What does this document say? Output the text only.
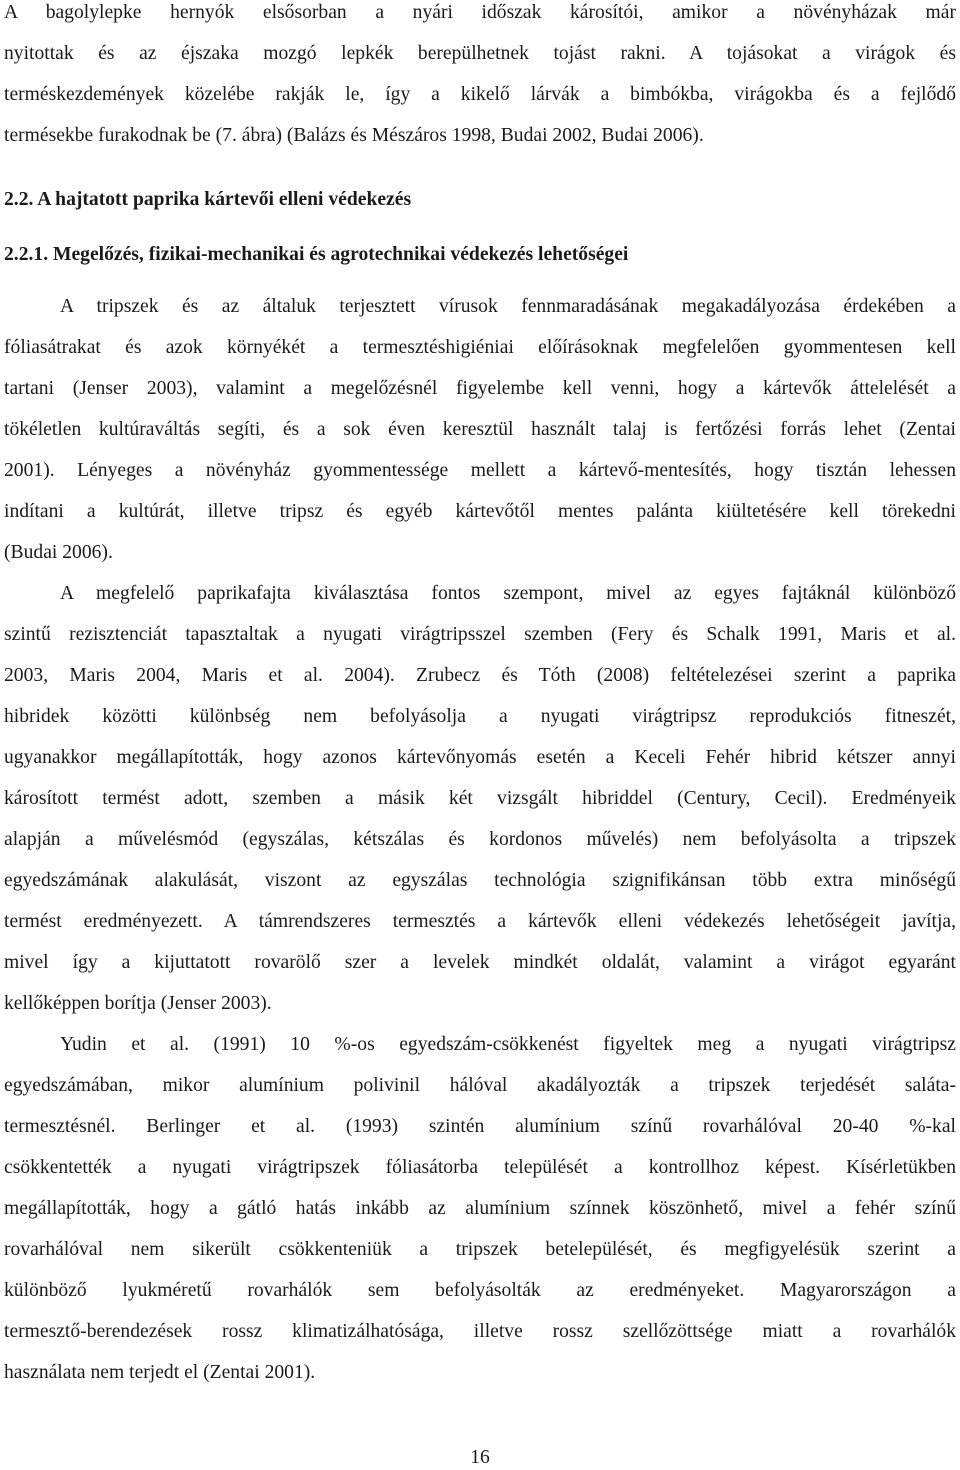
A bagolylepke hernyók elsősorban a nyári időszak károsítói, amikor a növényházak már
nyitottak és az éjszaka mozgó lepkék berepülhetnek tojást rakni. A tojásokat a virágok és
terméskezdemények közelébe rakják le, így a kikelő lárvák a bimbókba, virágokba és a fejlődő
termésekbe furakodnak be (7. ábra) (Balázs és Mészáros 1998, Budai 2002, Budai 2006).
2.2. A hajtatott paprika kártevői elleni védekezés
2.2.1. Megelőzés, fizikai-mechanikai és agrotechnikai védekezés lehetőségei
A tripszek és az általuk terjesztett vírusok fennmaradásának megakadályozása érdekében a
fóliasátrakat és azok környékét a termesztéshigiéniai előírásoknak megfelelően gyommentesen kell
tartani (Jenser 2003), valamint a megelőzésnél figyelembe kell venni, hogy a kártevők áttelelését a
tökéletlen kultúraváltás segíti, és a sok éven keresztül használt talaj is fertőzési forrás lehet (Zentai
2001). Lényeges a növényház gyommentessége mellett a kártevő-mentesítés, hogy tisztán lehessen
indítani a kultúrát, illetve tripsz és egyéb kártevőtől mentes palánta kiültetésére kell törekedni
(Budai 2006).
A megfelelő paprikafajta kiválasztása fontos szempont, mivel az egyes fajtáknál különböző
szintű rezisztenciát tapasztaltak a nyugati virágtripsszel szemben (Fery és Schalk 1991, Maris et al.
2003, Maris 2004, Maris et al. 2004). Zrubecz és Tóth (2008) feltételezései szerint a paprika
hibridek közötti különbség nem befolyásolja a nyugati virágtripsz reprodukciós fitneszét,
ugyanakkor megállapították, hogy azonos kártevőnyomás esetén a Keceli Fehér hibrid kétszer annyi
károsított termést adott, szemben a másik két vizsgált hibriddel (Century, Cecil). Eredményeik
alapján a művelésmód (egyszálas, kétszálas és kordonos művelés) nem befolyásolta a tripszek
egyedszámának alakulását, viszont az egyszálas technológia szignifikánsan több extra minőségű
termést eredményezett. A támrendszeres termesztés a kártevők elleni védekezés lehetőségeit javítja,
mivel így a kijuttatott rovarölő szer a levelek mindkét oldalát, valamint a virágot egyaránt
kellőképpen borítja (Jenser 2003).
Yudin et al. (1991) 10 %-os egyedszám-csökkenést figyeltek meg a nyugati virágtripsz
egyedszámában, mikor alumínium polivinil hálóval akadályozták a tripszek terjedését saláta-
termesztésnél. Berlinger et al. (1993) szintén alumínium színű rovarhálóval 20-40 %-kal
csökkentették a nyugati virágtripszek fóliasátorba települését a kontrollhoz képest. Kísérletükben
megállapították, hogy a gátló hatás inkább az alumínium színnek köszönhető, mivel a fehér színű
rovarhálóval nem sikerült csökkenteniük a tripszek betelepülését, és megfigyelésük szerint a
különböző lyukméretű rovarhálók sem befolyásolták az eredményeket. Magyarországon a
termesztő-berendezések rossz klimatizálhatósága, illetve rossz szellőzöttsége miatt a rovarhálók
használata nem terjedt el (Zentai 2001).
16
